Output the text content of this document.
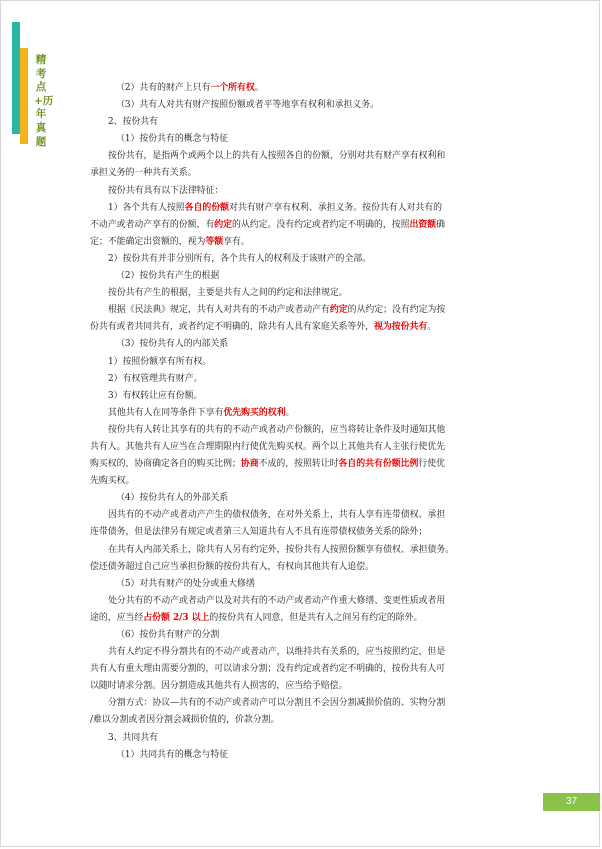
精考点+历年真题

（2）共有的财产上只有一个所有权。

（3）共有人对共有财产按照份额或者平等地享有权利和承担义务。

2、按份共有

（1）按份共有的概念与特征

按份共有，是指两个或两个以上的共有人按照各自的份额，分别对共有财产享有权利和

承担义务的一种共有关系。

按份共有具有以下法律特征：

1）各个共有人按照各自的份额对共有财产享有权利、承担义务。按份共有人对共有的

不动产或者动产享有的份额，有约定的从约定。没有约定或者约定不明确的，按照出资额确

定；不能确定出资额的，视为等额享有。

2）按份共有并非分别所有，各个共有人的权利及于该财产的全部。

（2）按份共有产生的根据

按份共有产生的根据，主要是共有人之间的约定和法律规定。

根据《民法典》规定，共有人对共有的不动产或者动产有约定的从约定；没有约定为按

份共有或者共同共有，或者约定不明确的，除共有人具有家庭关系等外，视为按份共有。

（3）按份共有人的内部关系

1）按照份额享有所有权。

2）有权管理共有财产。

3）有权转让应有份额。

其他共有人在同等条件下享有优先购买的权利。

按份共有人转让其享有的共有的不动产或者动产份额的，应当将转让条件及时通知其他

共有人。其他共有人应当在合理期限内行使优先购买权。两个以上其他共有人主张行使优先

购买权的，协商确定各自的购买比例；协商不成的，按照转让时各自的共有份额比例行使优

先购买权。

（4）按份共有人的外部关系

因共有的不动产或者动产产生的债权债务，在对外关系上，共有人享有连带债权、承担

连带债务，但是法律另有规定或者第三人知道共有人不具有连带债权债务关系的除外；

在共有人内部关系上，除共有人另有约定外，按份共有人按照份额享有债权、承担债务。

偿还债务超过自己应当承担份额的按份共有人，有权向其他共有人追偿。

（5）对共有财产的处分或重大修缮

处分共有的不动产或者动产以及对共有的不动产或者动产作重大修缮、变更性质或者用

途的，应当经占份额 2/3 以上的按份共有人同意，但是共有人之间另有约定的除外。

（6）按份共有财产的分割

共有人约定不得分割共有的不动产或者动产，以维持共有关系的，应当按照约定，但是

共有人有重大理由需要分割的，可以请求分割；没有约定或者约定不明确的，按份共有人可

以随时请求分割。因分割造成其他共有人损害的，应当给予赔偿。

分割方式：协议—共有的不动产或者动产可以分割且不会因分割减损价值的、实物分割

/难以分割或者因分割会减损价值的，价款分割。

3、共同共有

（1）共同共有的概念与特征

37
